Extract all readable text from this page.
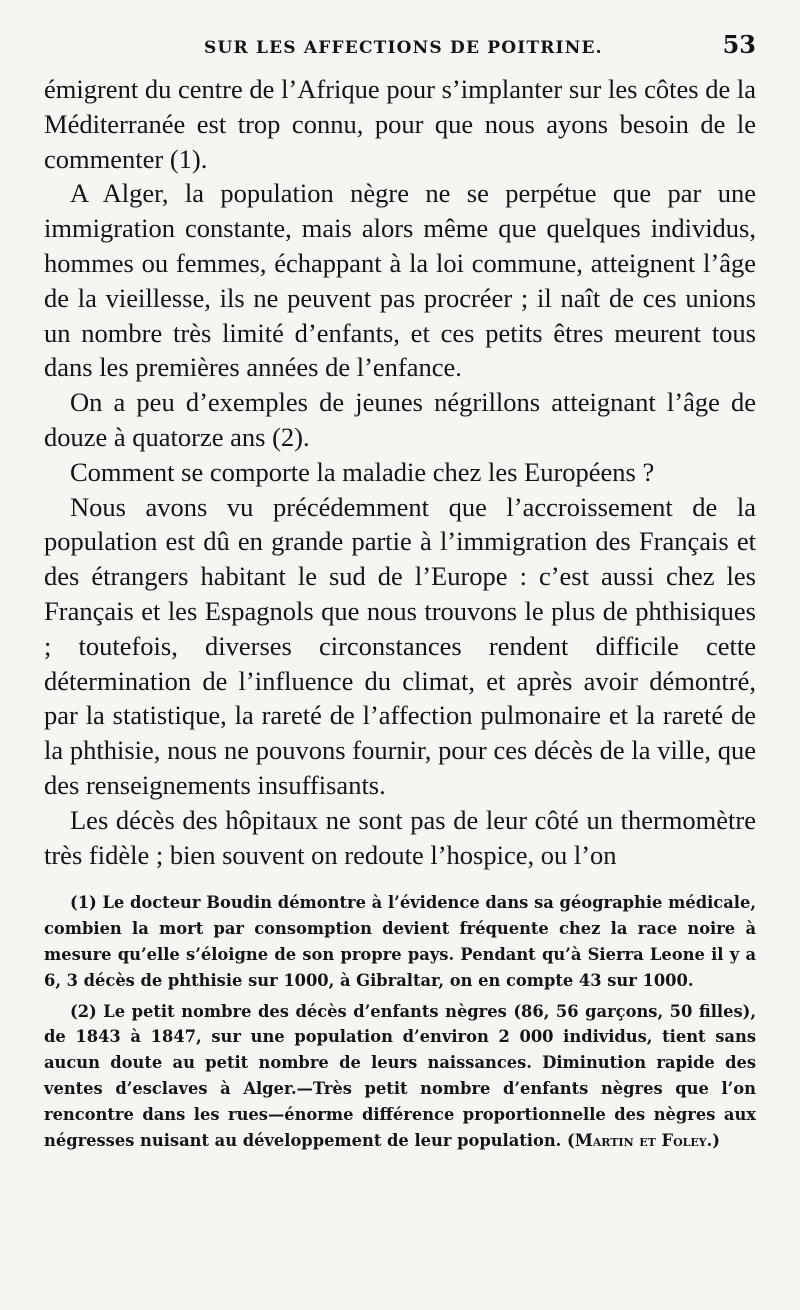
SUR LES AFFECTIONS DE POITRINE.	53

émigrent du centre de l’Afrique pour s’implanter sur les côtes de la Méditerranée est trop connu, pour que nous ayons besoin de le commenter (1).

A Alger, la population nègre ne se perpétue que par une immigration constante, mais alors même que quelques individus, hommes ou femmes, échappant à la loi commune, atteignent l’âge de la vieillesse, ils ne peuvent pas procréer ; il naît de ces unions un nombre très limité d’enfants, et ces petits êtres meurent tous dans les premières années de l’enfance.

On a peu d’exemples de jeunes négrillons atteignant l’âge de douze à quatorze ans (2).

Comment se comporte la maladie chez les Européens ?

Nous avons vu précédemment que l’accroissement de la population est dû en grande partie à l’immigration des Français et des étrangers habitant le sud de l’Europe : c’est aussi chez les Français et les Espagnols que nous trouvons le plus de phthisiques ; toutefois, diverses circonstances rendent difficile cette détermination de l’influence du climat, et après avoir démontré, par la statistique, la rareté de l’affection pulmonaire et la rareté de la phthisie, nous ne pouvons fournir, pour ces décès de la ville, que des renseignements insuffisants.

Les décès des hôpitaux ne sont pas de leur côté un thermomètre très fidèle ; bien souvent on redoute l’hospice, ou l’on

(1) Le docteur Boudin démontre à l’évidence dans sa géographie médicale, combien la mort par consomption devient fréquente chez la race noire à mesure qu’elle s’éloigne de son propre pays. Pendant qu’à Sierra Leone il y a 6, 3 décès de phthisie sur 1000, à Gibraltar, on en compte 43 sur 1000.

(2) Le petit nombre des décès d’enfants nègres (86, 56 garçons, 50 filles), de 1843 à 1847, sur une population d’environ 2 000 individus, tient sans aucun doute au petit nombre de leurs naissances. Diminution rapide des ventes d’esclaves à Alger.—Très petit nombre d’enfants nègres que l’on rencontre dans les rues—énorme différence proportionnelle des nègres aux négresses nuisant au développement de leur population. (Martin et Foley.)
